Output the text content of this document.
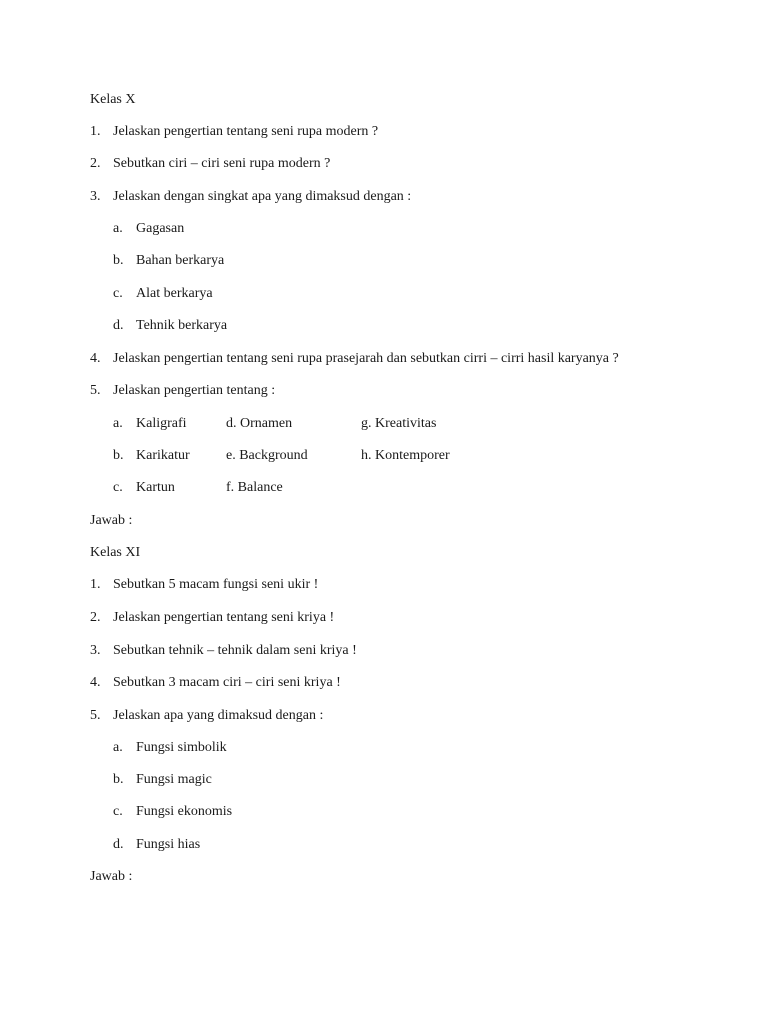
Kelas X
1. Jelaskan pengertian tentang seni rupa modern ?
2. Sebutkan ciri – ciri seni rupa modern ?
3. Jelaskan dengan singkat apa yang dimaksud dengan :
a. Gagasan
b. Bahan berkarya
c. Alat berkarya
d. Tehnik berkarya
4. Jelaskan pengertian tentang seni rupa prasejarah dan sebutkan cirri – cirri hasil karyanya ?
5. Jelaskan pengertian tentang :
a. Kaligrafi	d. Ornamen	g. Kreativitas
b. Karikatur	e. Background	h. Kontemporer
c. Kartun	f. Balance
Jawab :
Kelas XI
1. Sebutkan 5 macam fungsi seni ukir !
2. Jelaskan pengertian tentang seni kriya !
3. Sebutkan tehnik – tehnik dalam seni kriya !
4. Sebutkan 3 macam ciri – ciri seni kriya !
5. Jelaskan apa yang dimaksud dengan :
a. Fungsi simbolik
b. Fungsi magic
c. Fungsi ekonomis
d. Fungsi hias
Jawab :
